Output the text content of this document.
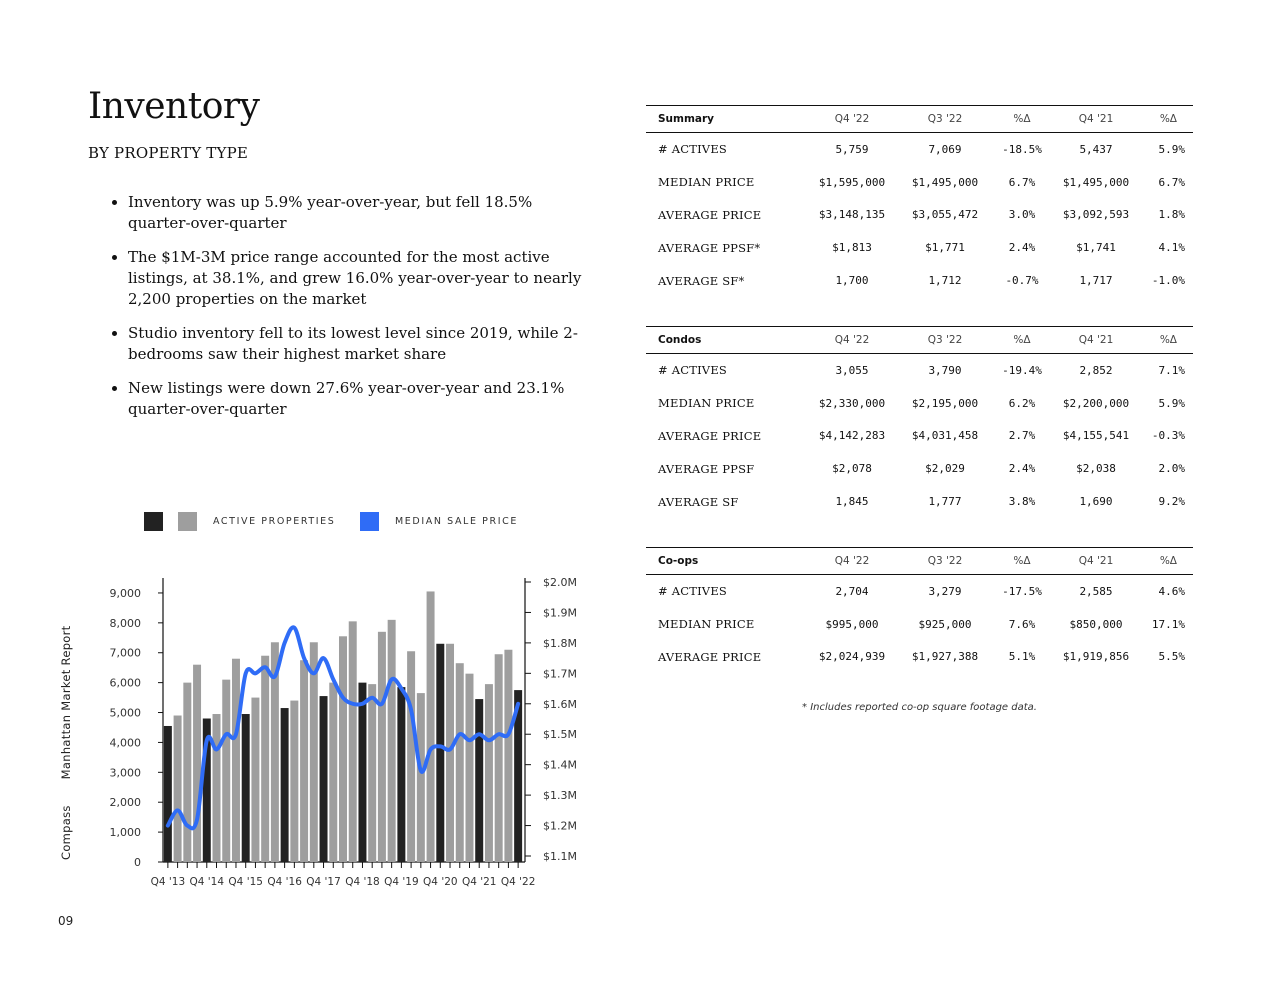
Inventory
BY PROPERTY TYPE
• Inventory was up 5.9% year-over-year, but fell 18.5% quarter-over-quarter
• The $1M-3M price range accounted for the most active listings, at 38.1%, and grew 16.0% year-over-year to nearly 2,200 properties on the market
• Studio inventory fell to its lowest level since 2019, while 2-bedrooms saw their highest market share
• New listings were down 27.6% year-over-year and 23.1% quarter-over-quarter
Compass Manhattan Market Report
09
ACTIVE PROPERTIES	MEDIAN SALE PRICE
0
1,000
2,000
3,000
4,000
5,000
6,000
7,000
8,000
9,000
$1.1M
$1.2M
$1.3M
$1.4M
$1.5M
$1.6M
$1.7M
$1.8M
$1.9M
$2.0M
Q4 '13 Q4 '14 Q4 '15 Q4 '16 Q4 '17 Q4 '18 Q4 '19 Q4 '20 Q4 '21 Q4 '22
Summary	Q4 '22	Q3 '22	%Δ	Q4 '21	%Δ
# ACTIVES	5,759	7,069	-18.5%	5,437	5.9%
MEDIAN PRICE	$1,595,000	$1,495,000	6.7%	$1,495,000	6.7%
AVERAGE PRICE	$3,148,135	$3,055,472	3.0%	$3,092,593	1.8%
AVERAGE PPSF*	$1,813	$1,771	2.4%	$1,741	4.1%
AVERAGE SF*	1,700	1,712	-0.7%	1,717	-1.0%
Condos	Q4 '22	Q3 '22	%Δ	Q4 '21	%Δ
# ACTIVES	3,055	3,790	-19.4%	2,852	7.1%
MEDIAN PRICE	$2,330,000	$2,195,000	6.2%	$2,200,000	5.9%
AVERAGE PRICE	$4,142,283	$4,031,458	2.7%	$4,155,541	-0.3%
AVERAGE PPSF	$2,078	$2,029	2.4%	$2,038	2.0%
AVERAGE SF	1,845	1,777	3.8%	1,690	9.2%
Co-ops	Q4 '22	Q3 '22	%Δ	Q4 '21	%Δ
# ACTIVES	2,704	3,279	-17.5%	2,585	4.6%
MEDIAN PRICE	$995,000	$925,000	7.6%	$850,000	17.1%
AVERAGE PRICE	$2,024,939	$1,927,388	5.1%	$1,919,856	5.5%
* Includes reported co-op square footage data.
